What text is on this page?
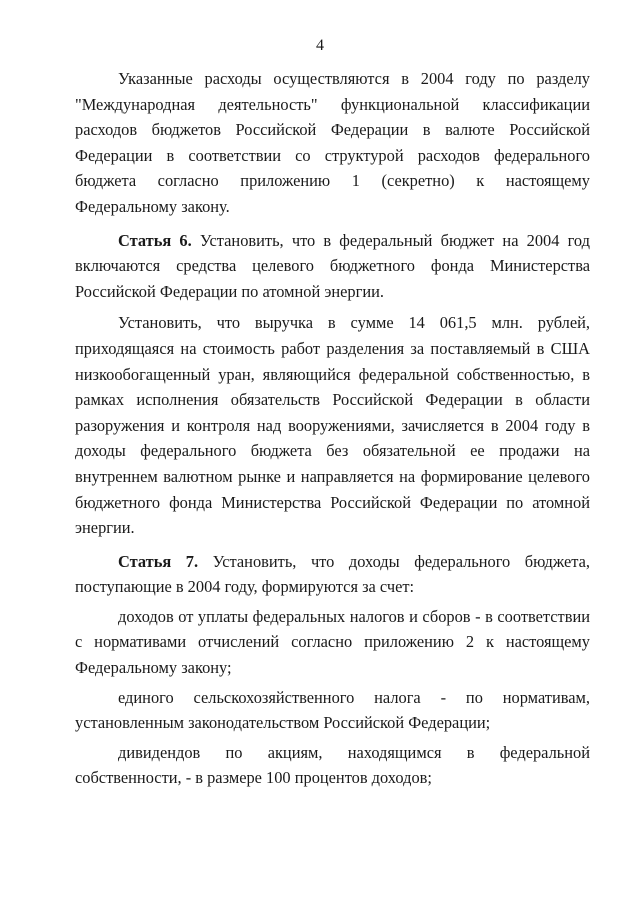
4

Указанные расходы осуществляются в 2004 году по разделу "Международная деятельность" функциональной классификации расходов бюджетов Российской Федерации в валюте Российской Федерации в соответствии со структурой расходов федерального бюджета согласно приложению 1 (секретно) к настоящему Федеральному закону.

Статья 6. Установить, что в федеральный бюджет на 2004 год включаются средства целевого бюджетного фонда Министерства Российской Федерации по атомной энергии.

Установить, что выручка в сумме 14 061,5 млн. рублей, приходящаяся на стоимость работ разделения за поставляемый в США низкообогащенный уран, являющийся федеральной собственностью, в рамках исполнения обязательств Российской Федерации в области разоружения и контроля над вооружениями, зачисляется в 2004 году в доходы федерального бюджета без обязательной ее продажи на внутреннем валютном рынке и направляется на формирование целевого бюджетного фонда Министерства Российской Федерации по атомной энергии.

Статья 7. Установить, что доходы федерального бюджета, поступающие в 2004 году, формируются за счет:

доходов от уплаты федеральных налогов и сборов - в соответствии с нормативами отчислений согласно приложению 2 к настоящему Федеральному закону;

единого сельскохозяйственного налога - по нормативам, установленным законодательством Российской Федерации;

дивидендов по акциям, находящимся в федеральной собственности, - в размере 100 процентов доходов;
